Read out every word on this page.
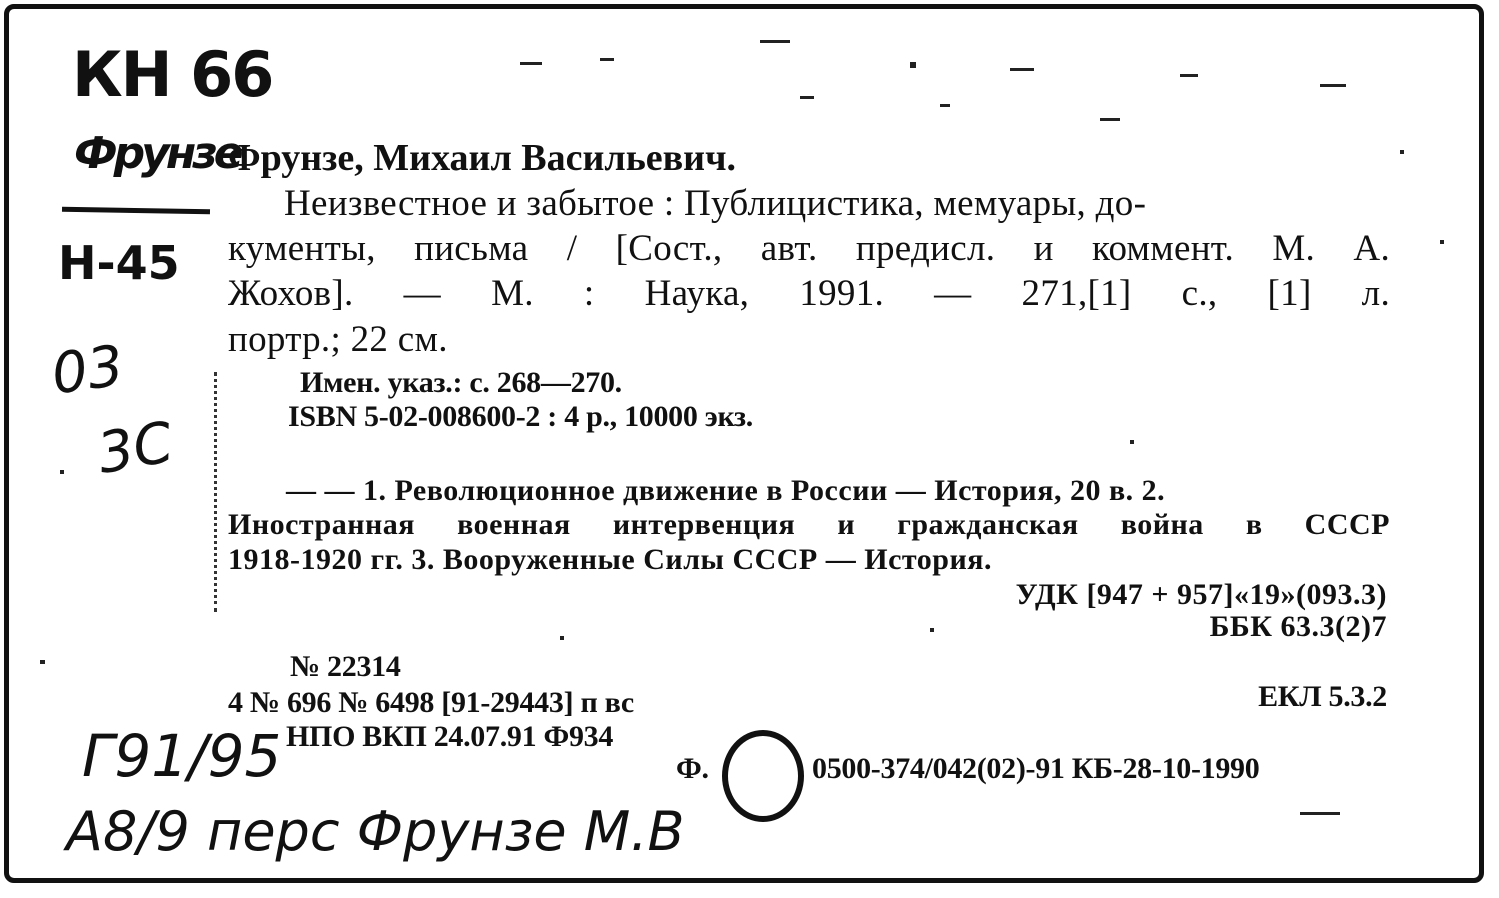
КН 66
Фрунзе
Н-45
03
3С
Г91/95
А8/9 перс Фрунзе М.В
Фрунзе, Михаил Васильевич.
Неизвестное и забытое : Публицистика, мемуары, до-
кументы, письма / [Сост., авт. предисл. и коммент. М. А.
Жохов]. — М. : Наука, 1991. — 271,[1] с., [1] л.
портр.; 22 см.
Имен. указ.: с. 268—270.
ISBN 5-02-008600-2 : 4 р., 10000 экз.
— — 1. Революционное движение в России — История, 20 в. 2.
Иностранная военная интервенция и гражданская война в СССР
1918-1920 гг. 3. Вооруженные Силы СССР — История.
УДК [947 + 957]«19»(093.3)
ББК 63.3(2)7
№ 22314
4 № 696 № 6498 [91-29443] п вс	ЕКЛ 5.3.2
НПО ВКП 24.07.91 Ф934
Ф.	0500-374/042(02)-91 КБ-28-10-1990
